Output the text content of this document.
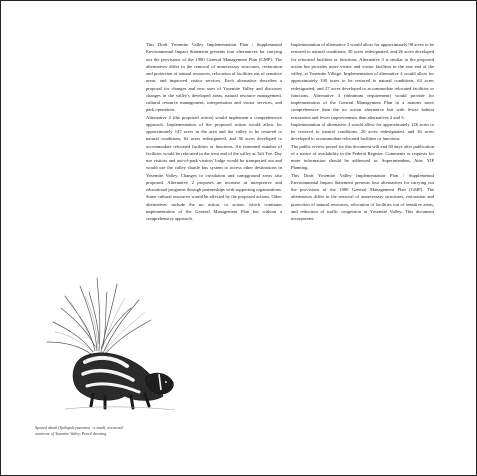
This Draft Yosemite Valley Implementation Plan / Supplemental Environmental Impact Statement presents four alternatives for carrying out the provisions of the 1980 General Management Plan (GMP). The alternatives differ in the removal of unnecessary structures, restoration and protection of natural resources, relocation of facilities out of sensitive areas, and improved visitor services. Each alternative describes a proposal for changes and new uses of Yosemite Valley and discusses changes in the valley's developed areas, natural resource management, cultural resource management, interpretation and visitor services, and park operations.
Alternative 2 (the proposed action) would implement a comprehensive approach. Implementation of the proposed action would allow for approximately 147 acres in the area and the valley to be restored to natural conditions, 62 acres redesignated, and 36 acres developed to accommodate relocated facilities or functions. An estimated number of facilities would be relocated in the west end of the valley at Taft Toe. Day use visitors and out-of-park visitors' lodge would be transported out and would use the valley shuttle bus system to access other destinations in Yosemite Valley. Changes to circulation and campground areas also proposed. Alternative 2 proposes an increase in interpretive and educational programs through partnerships with supporting organizations. Some cultural resources would be affected by the proposed actions. Other alternatives include the no action, or action, which continues implementation of the General Management Plan but without a comprehensive approach.
Implementation of alternative 3 would allow for approximately 98 acres to be restored to natural conditions, 30 acres redesignated, and 26 acres developed for relocated facilities or functions. Alternative 3 is similar to the proposed action but provides more visitor and visitor facilities in the east end of the valley, at Yosemite Village. Implementation of alternative 4 would allow for approximately 100 acres to be restored to natural conditions, 63 acres redesignated, and 27 acres developed to accommodate relocated facilities or functions. Alternative 4 (minimum requirement) would provide for implementation of the General Management Plan in a manner more comprehensive than the no action alternative but with fewer habitat restoration and fewer improvements than alternatives 2 and 3.
Implementation of alternative 4 would allow for approximately 126 acres to be restored to natural conditions, 20 acres redesignated, and 36 acres developed to accommodate relocated facilities or functions.
The public review period for this document will end 60 days after publication of a notice of availability in the Federal Register. Comments or requests for more information should be addressed to: Superintendent, Attn: YIP Planning.
This Draft Yosemite Valley Implementation Plan / Supplemental Environmental Impact Statement presents four alternatives for carrying out the provisions of the 1980 General Management Plan (GMP). The alternatives differ in the removal of unnecessary structures, restoration and protection of natural resources, relocation of facilities out of sensitive areas, and reduction of traffic congestion in Yosemite Valley. This document incorporates
Spotted skunk (Spilogale putorius) - a small, nocturnal omnivore of Yosemite Valley. Pencil drawing.
